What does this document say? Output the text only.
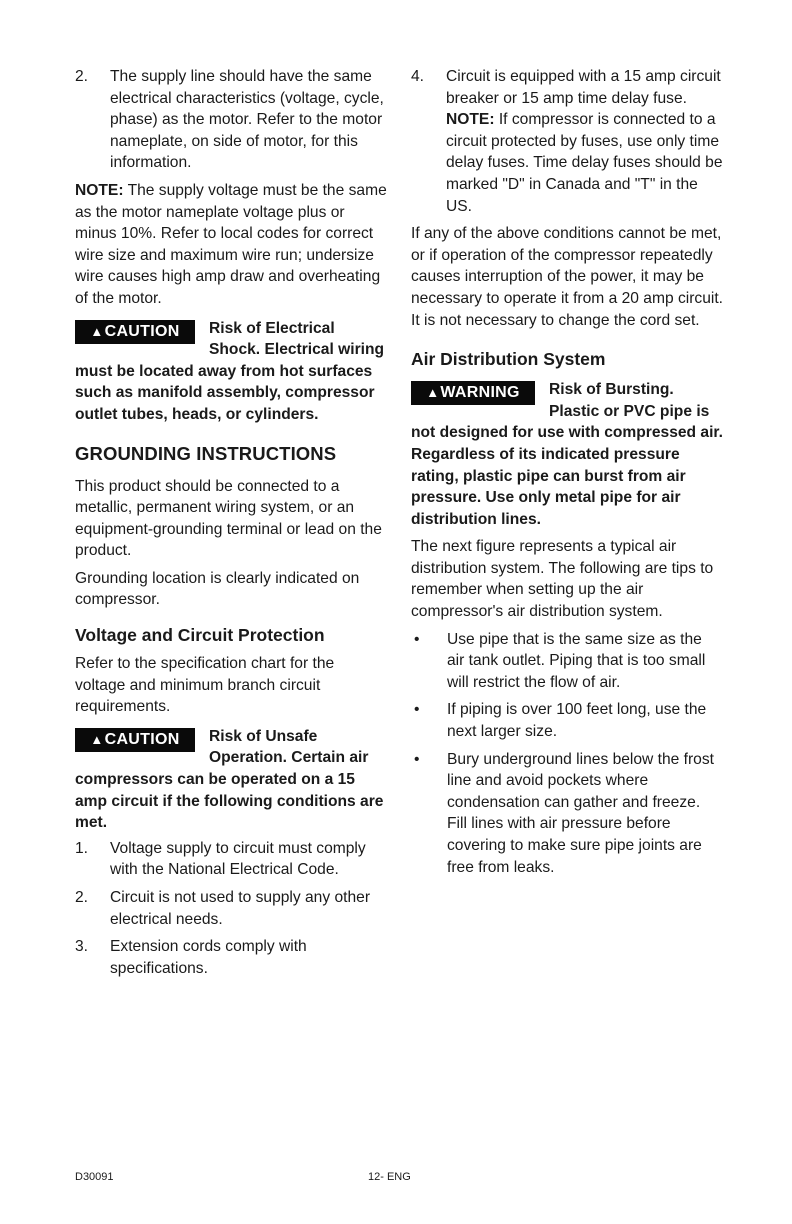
2. The supply line should have the same electrical characteristics (voltage, cycle, phase) as the motor. Refer to the motor nameplate, on side of motor, for this information.

NOTE: The supply voltage must be the same as the motor nameplate voltage plus or minus 10%. Refer to local codes for correct wire size and maximum wire run; undersize wire causes high amp draw and overheating of the motor.

▲CAUTION	Risk of Electrical Shock. Electrical wiring must be located away from hot surfaces such as manifold assembly, compressor outlet tubes, heads, or cylinders.
GROUNDING INSTRUCTIONS

This product should be connected to a metallic, permanent wiring system, or an equipment-grounding terminal or lead on the product.

Grounding location is clearly indicated on compressor.

Voltage and Circuit Protection

Refer to the specification chart for the voltage and minimum branch circuit requirements.

▲CAUTION	Risk of Unsafe Operation. Certain air compressors can be operated on a 15 amp circuit if the following conditions are met.
1. Voltage supply to circuit must comply with the National Electrical Code.
2. Circuit is not used to supply any other electrical needs.
3. Extension cords comply with specifications.
4. Circuit is equipped with a 15 amp circuit breaker or 15 amp time delay fuse. NOTE: If compressor is connected to a circuit protected by fuses, use only time delay fuses. Time delay fuses should be marked "D" in Canada and "T" in the US.

If any of the above conditions cannot be met, or if operation of the compressor repeatedly causes interruption of the power, it may be necessary to operate it from a 20 amp circuit. It is not necessary to change the cord set.

Air Distribution System
▲WARNING	Risk of Bursting. Plastic or PVC pipe is not designed for use with compressed air. Regardless of its indicated pressure rating, plastic pipe can burst from air pressure. Use only metal pipe for air distribution lines.

The next figure represents a typical air distribution system. The following are tips to remember when setting up the air compressor's air distribution system.

• Use pipe that is the same size as the air tank outlet. Piping that is too small will restrict the flow of air.
• If piping is over 100 feet long, use the next larger size.
• Bury underground lines below the frost line and avoid pockets where condensation can gather and freeze. Fill lines with air pressure before covering to make sure pipe joints are free from leaks.
D30091	12- ENG
